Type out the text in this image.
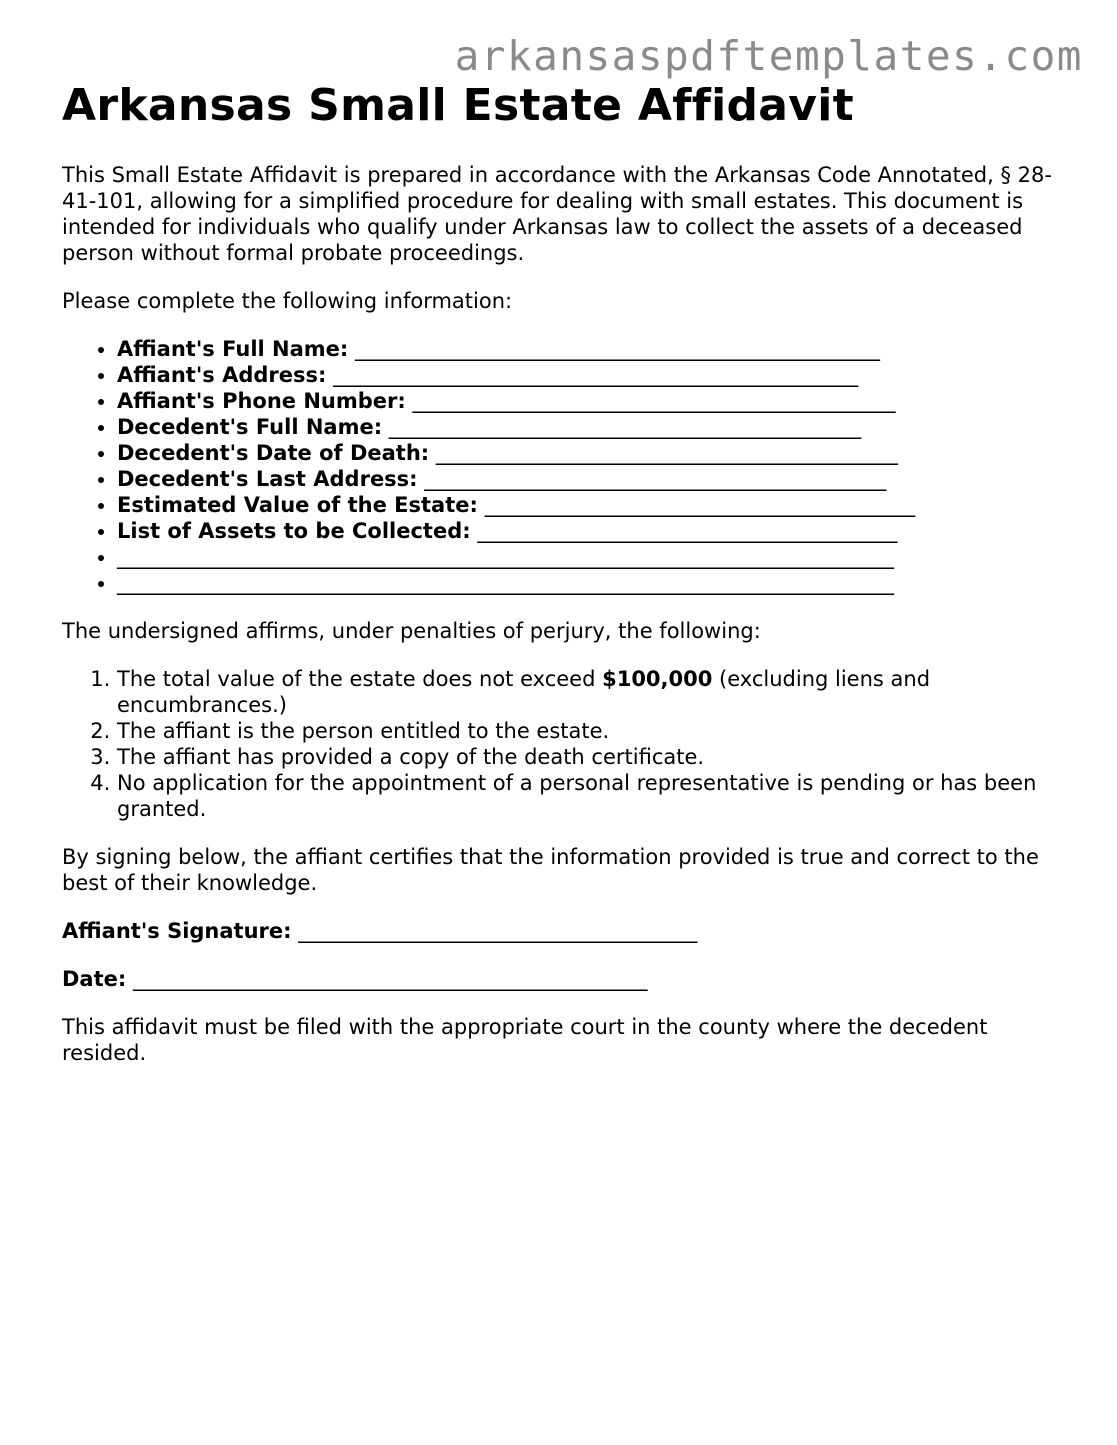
arkansaspdftemplates.com
Arkansas Small Estate Affidavit

This Small Estate Affidavit is prepared in accordance with the Arkansas Code Annotated, § 28-41-101, allowing for a simplified procedure for dealing with small estates. This document is intended for individuals who qualify under Arkansas law to collect the assets of a deceased person without formal probate proceedings.

Please complete the following information:

• Affiant's Full Name: __________________________________________________
• Affiant's Address: __________________________________________________
• Affiant's Phone Number: ______________________________________________
• Decedent's Full Name: _____________________________________________
• Decedent's Date of Death: ____________________________________________
• Decedent's Last Address: ____________________________________________
• Estimated Value of the Estate: _________________________________________
• List of Assets to be Collected: ________________________________________
• __________________________________________________________________________
• __________________________________________________________________________

The undersigned affirms, under penalties of perjury, the following:

1. The total value of the estate does not exceed $100,000 (excluding liens and encumbrances.)
2. The affiant is the person entitled to the estate.
3. The affiant has provided a copy of the death certificate.
4. No application for the appointment of a personal representative is pending or has been granted.

By signing below, the affiant certifies that the information provided is true and correct to the best of their knowledge.

Affiant's Signature: ______________________________________

Date: _________________________________________________

This affidavit must be filed with the appropriate court in the county where the decedent resided.
